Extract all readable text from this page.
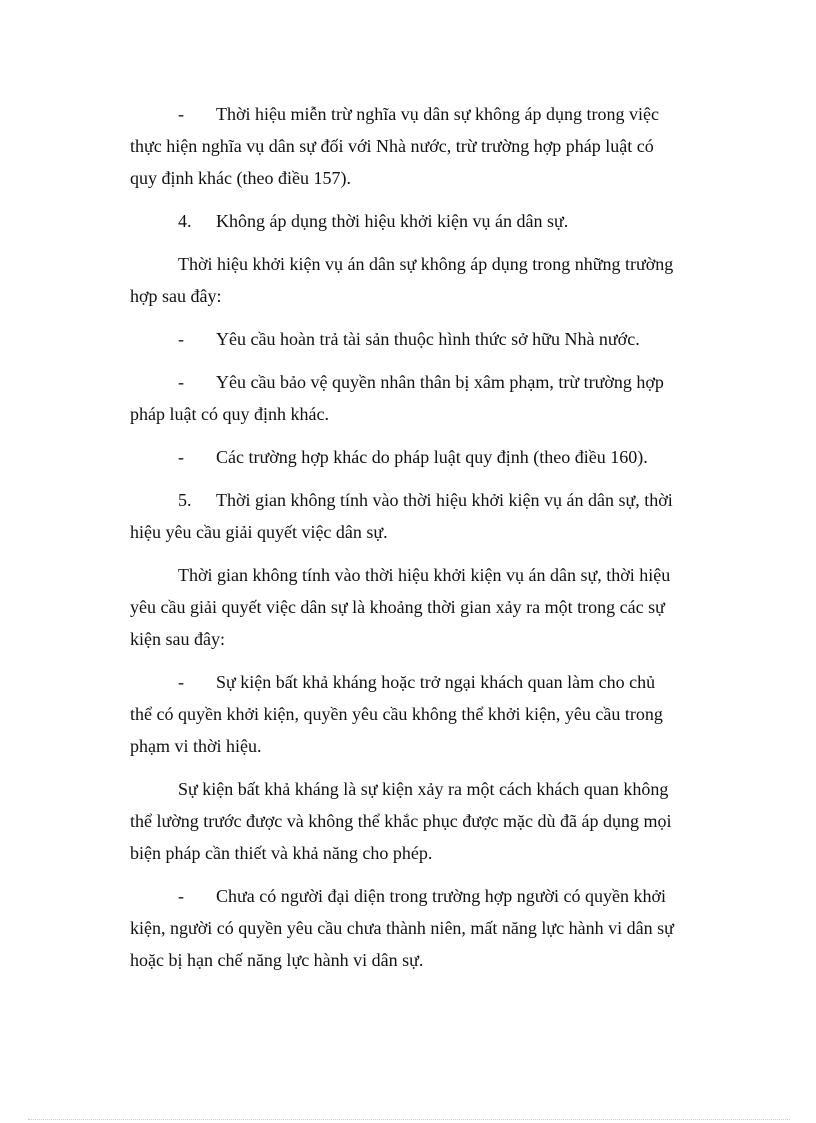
- Thời hiệu miễn trừ nghĩa vụ dân sự không áp dụng trong việc thực hiện nghĩa vụ dân sự đối với Nhà nước, trừ trường hợp pháp luật có quy định khác (theo điều 157).

4. Không áp dụng thời hiệu khởi kiện vụ án dân sự.

Thời hiệu khởi kiện vụ án dân sự không áp dụng trong những trường hợp sau đây:

- Yêu cầu hoàn trả tài sản thuộc hình thức sở hữu Nhà nước.

- Yêu cầu bảo vệ quyền nhân thân bị xâm phạm, trừ trường hợp pháp luật có quy định khác.

- Các trường hợp khác do pháp luật quy định (theo điều 160).

5. Thời gian không tính vào thời hiệu khởi kiện vụ án dân sự, thời hiệu yêu cầu giải quyết việc dân sự.

Thời gian không tính vào thời hiệu khởi kiện vụ án dân sự, thời hiệu yêu cầu giải quyết việc dân sự là khoảng thời gian xảy ra một trong các sự kiện sau đây:

- Sự kiện bất khả kháng hoặc trở ngại khách quan làm cho chủ thể có quyền khởi kiện, quyền yêu cầu không thể khởi kiện, yêu cầu trong phạm vi thời hiệu.

Sự kiện bất khả kháng là sự kiện xảy ra một cách khách quan không thể lường trước được và không thể khắc phục được mặc dù đã áp dụng mọi biện pháp cần thiết và khả năng cho phép.

- Chưa có người đại diện trong trường hợp người có quyền khởi kiện, người có quyền yêu cầu chưa thành niên, mất năng lực hành vi dân sự hoặc bị hạn chế năng lực hành vi dân sự.
